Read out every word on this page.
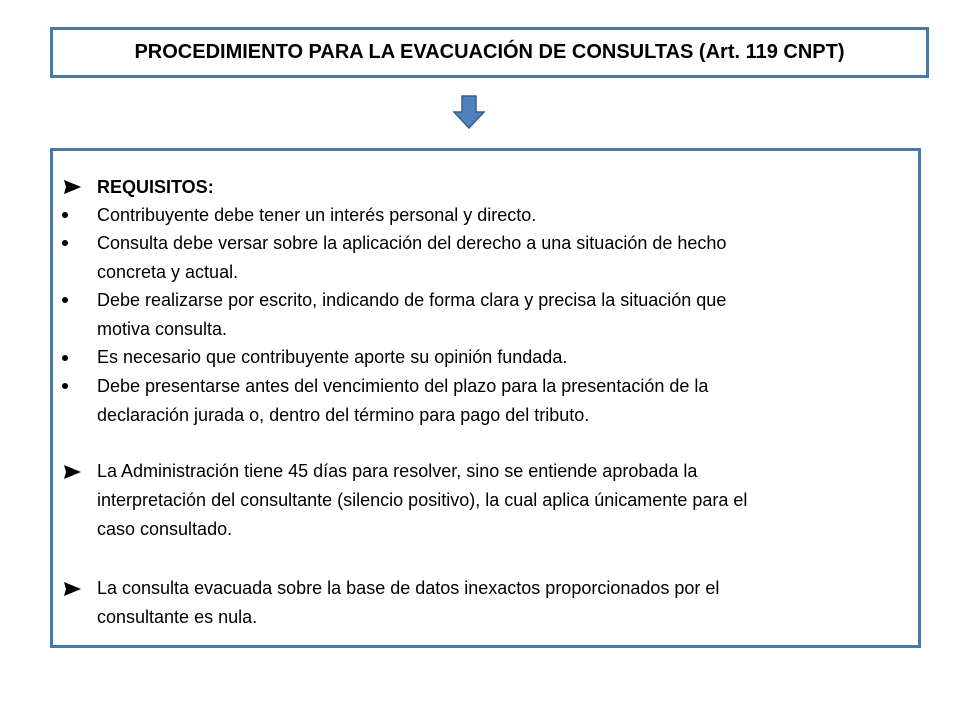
PROCEDIMIENTO PARA LA EVACUACIÓN DE CONSULTAS (Art. 119 CNPT)
REQUISITOS:
Contribuyente debe tener un interés personal y directo.
Consulta debe versar sobre la aplicación del derecho a una situación de hecho
concreta y actual.
Debe realizarse por escrito, indicando de forma clara y precisa la situación que
motiva consulta.
Es necesario que contribuyente aporte su opinión fundada.
Debe presentarse antes del vencimiento del plazo para la presentación de la
declaración jurada o, dentro del término para pago del tributo.
La Administración tiene 45 días para resolver, sino se entiende aprobada la
interpretación del consultante (silencio positivo), la cual aplica únicamente para el
caso consultado.
La consulta evacuada sobre la base de datos inexactos proporcionados por el
consultante es nula.
